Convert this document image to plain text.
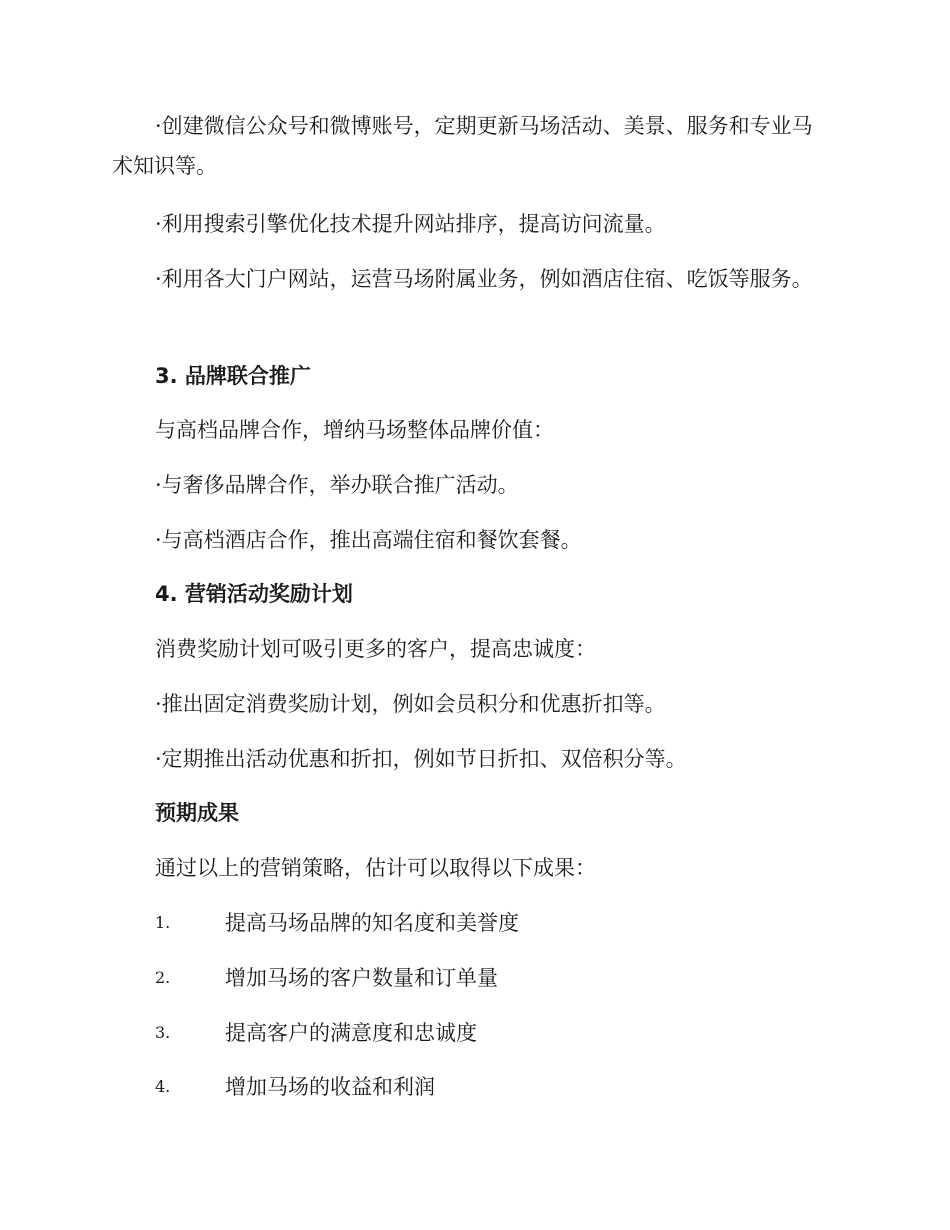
·创建微信公众号和微博账号，定期更新马场活动、美景、服务和专业马术知识等。

·利用搜索引擎优化技术提升网站排序，提高访问流量。

·利用各大门户网站，运营马场附属业务，例如酒店住宿、吃饭等服务。

3. 品牌联合推广

与高档品牌合作，增纳马场整体品牌价值：

·与奢侈品牌合作，举办联合推广活动。

·与高档酒店合作，推出高端住宿和餐饮套餐。

4. 营销活动奖励计划

消费奖励计划可吸引更多的客户，提高忠诚度：

·推出固定消费奖励计划，例如会员积分和优惠折扣等。

·定期推出活动优惠和折扣，例如节日折扣、双倍积分等。

预期成果

通过以上的营销策略，估计可以取得以下成果：

1.	提高马场品牌的知名度和美誉度
2.	增加马场的客户数量和订单量
3.	提高客户的满意度和忠诚度
4.	增加马场的收益和利润
